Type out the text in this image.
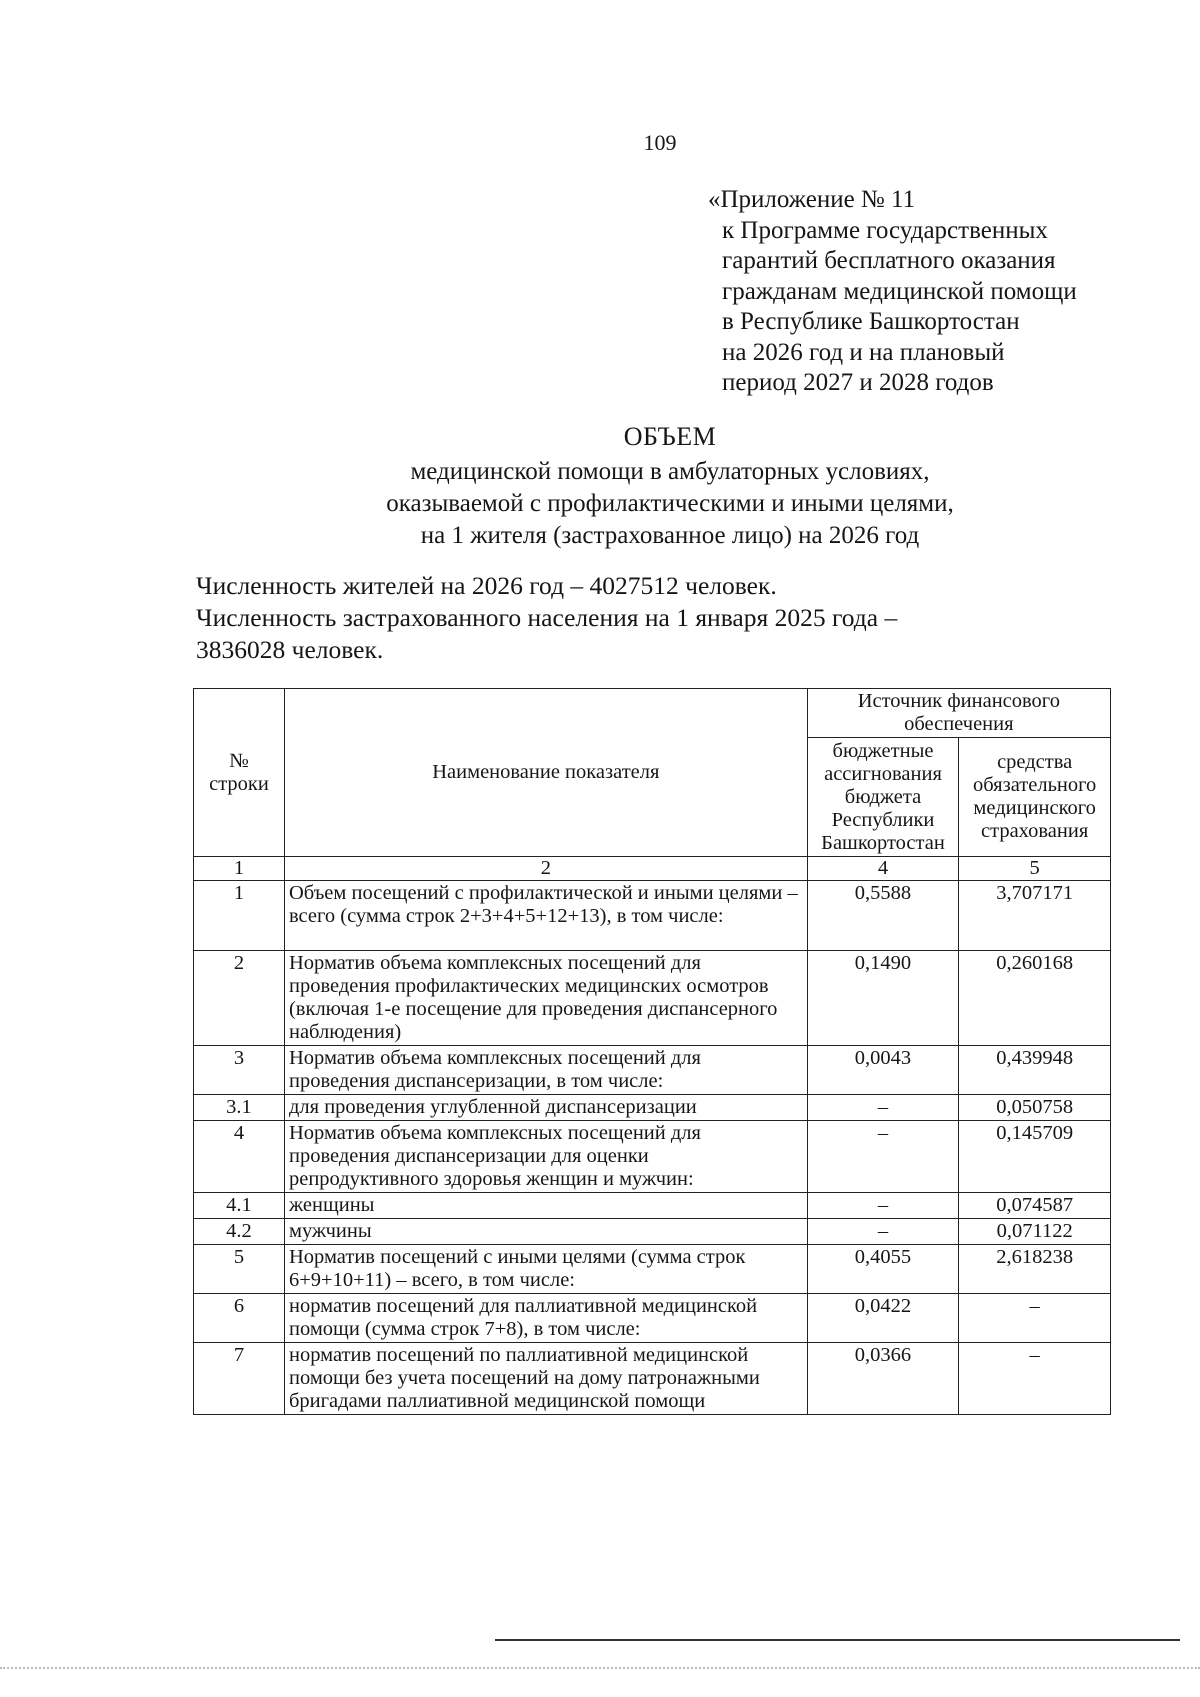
109
«Приложение № 11
к Программе государственных
гарантий бесплатного оказания
гражданам медицинской помощи
в Республике Башкортостан
на 2026 год и на плановый
период 2027 и 2028 годов
ОБЪЕМ
медицинской помощи в амбулаторных условиях,
оказываемой с профилактическими и иными целями,
на 1 жителя (застрахованное лицо) на 2026 год
Численность жителей на 2026 год – 4027512 человек.
Численность застрахованного населения на 1 января 2025 года –
3836028 человек.
№ строки	Наименование показателя	Источник финансового обеспечения	
		бюджетные ассигнования бюджета Республики Башкортостан	средства обязательного медицинского страхования
1	2	4	5
1	Объем посещений с профилактической и иными целями – всего (сумма строк 2+3+4+5+12+13), в том числе:	0,5588	3,707171
2	Норматив объема комплексных посещений для проведения профилактических медицинских осмотров (включая 1-е посещение для проведения диспансерного наблюдения)	0,1490	0,260168
3	Норматив объема комплексных посещений для проведения диспансеризации, в том числе:	0,0043	0,439948
3.1	для проведения углубленной диспансеризации	–	0,050758
4	Норматив объема комплексных посещений для проведения диспансеризации для оценки репродуктивного здоровья женщин и мужчин:	–	0,145709
4.1	женщины	–	0,074587
4.2	мужчины	–	0,071122
5	Норматив посещений с иными целями (сумма строк 6+9+10+11) – всего, в том числе:	0,4055	2,618238
6	норматив посещений для паллиативной медицинской помощи (сумма строк 7+8), в том числе:	0,0422	–
7	норматив посещений по паллиативной медицинской помощи без учета посещений на дому патронажными бригадами паллиативной медицинской помощи	0,0366	–
